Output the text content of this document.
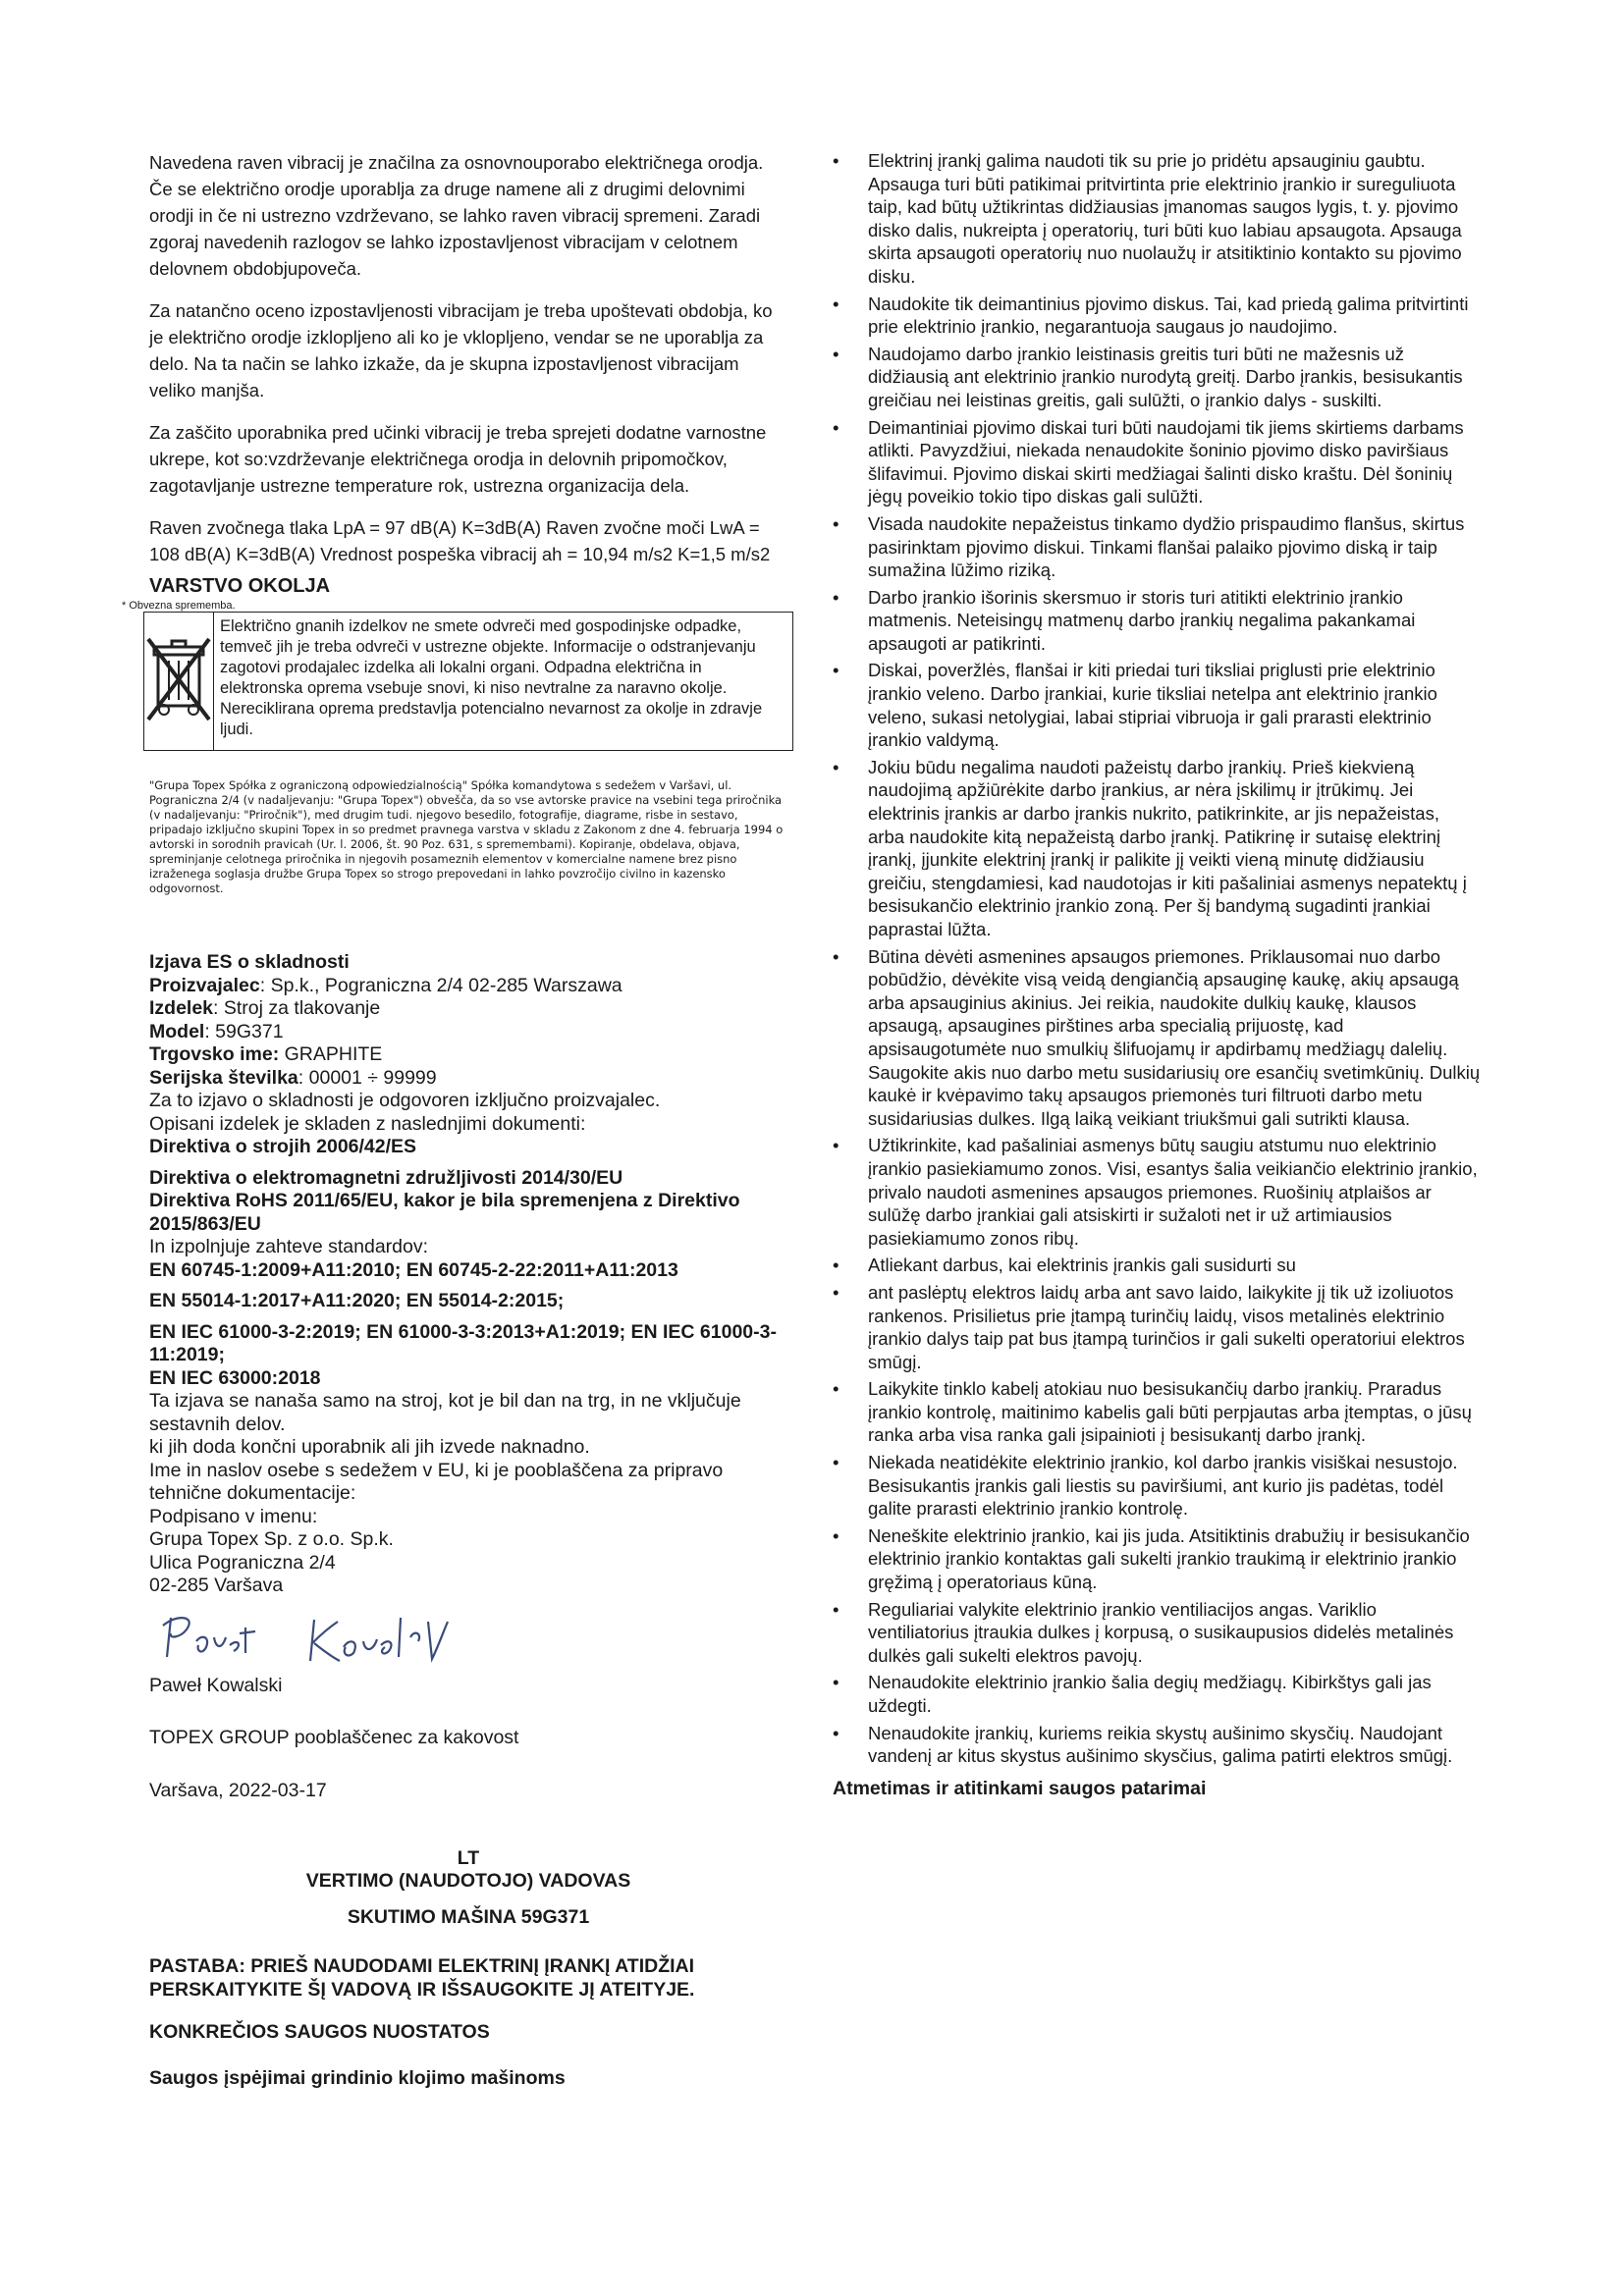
Navedena raven vibracij je značilna za osnovnouporabo električnega orodja. Če se električno orodje uporablja za druge namene ali z drugimi delovnimi orodji in če ni ustrezno vzdrževano, se lahko raven vibracij spremeni. Zaradi zgoraj navedenih razlogov se lahko izpostavljenost vibracijam v celotnem delovnem obdobjupoveča.

Za natančno oceno izpostavljenosti vibracijam je treba upoštevati obdobja, ko je električno orodje izklopljeno ali ko je vklopljeno, vendar se ne uporablja za delo. Na ta način se lahko izkaže, da je skupna izpostavljenost vibracijam veliko manjša.

Za zaščito uporabnika pred učinki vibracij je treba sprejeti dodatne varnostne ukrepe, kot so:vzdrževanje električnega orodja in delovnih pripomočkov, zagotavljanje ustrezne temperature rok, ustrezna organizacija dela.

Raven zvočnega tlaka LpA = 97 dB(A) K=3dB(A) Raven zvočne moči LwA = 108 dB(A) K=3dB(A) Vrednost pospeška vibracij ah = 10,94 m/s2 K=1,5 m/s2

VARSTVO OKOLJA

* Obvezna sprememba.

Električno gnanih izdelkov ne smete odvreči med gospodinjske odpadke, temveč jih je treba odvreči v ustrezne objekte. Informacije o odstranjevanju zagotovi prodajalec izdelka ali lokalni organi. Odpadna električna in elektronska oprema vsebuje snovi, ki niso nevtralne za naravno okolje. Nereciklirana oprema predstavlja potencialno nevarnost za okolje in zdravje ljudi.

"Grupa Topex Spółka z ograniczoną odpowiedzialnością" Spółka komandytowa s sedežem v Varšavi, ul. Pograniczna 2/4 (v nadaljevanju: "Grupa Topex") obvešča, da so vse avtorske pravice na vsebini tega priročnika (v nadaljevanju: "Priročnik"), med drugim tudi. njegovo besedilo, fotografije, diagrame, risbe in sestavo, pripadajo izključno skupini Topex in so predmet pravnega varstva v skladu z Zakonom z dne 4. februarja 1994 o avtorski in sorodnih pravicah (Ur. l. 2006, št. 90 Poz. 631, s spremembami). Kopiranje, obdelava, objava, spreminjanje celotnega priročnika in njegovih posameznih elementov v komercialne namene brez pisno izraženega soglasja družbe Grupa Topex so strogo prepovedani in lahko povzročijo civilno in kazensko odgovornost.

Izjava ES o skladnosti

Proizvajalec: Sp.k., Pograniczna 2/4 02-285 Warszawa

Izdelek: Stroj za tlakovanje

Model: 59G371

Trgovsko ime: GRAPHITE

Serijska številka: 00001 ÷ 99999

Za to izjavo o skladnosti je odgovoren izključno proizvajalec.

Opisani izdelek je skladen z naslednjimi dokumenti:

Direktiva o strojih 2006/42/ES

Direktiva o elektromagnetni združljivosti 2014/30/EU

Direktiva RoHS 2011/65/EU, kakor je bila spremenjena z Direktivo 2015/863/EU

In izpolnjuje zahteve standardov:

EN 60745-1:2009+A11:2010; EN 60745-2-22:2011+A11:2013

EN 55014-1:2017+A11:2020; EN 55014-2:2015;

EN IEC 61000-3-2:2019; EN 61000-3-3:2013+A1:2019; EN IEC 61000-3-11:2019;

EN IEC 63000:2018

Ta izjava se nanaša samo na stroj, kot je bil dan na trg, in ne vključuje sestavnih delov.

ki jih doda končni uporabnik ali jih izvede naknadno.

Ime in naslov osebe s sedežem v EU, ki je pooblaščena za pripravo tehnične dokumentacije:

Podpisano v imenu:

Grupa Topex Sp. z o.o. Sp.k.

Ulica Pograniczna 2/4

02-285 Varšava

Paweł Kowalski

TOPEX GROUP pooblaščenec za kakovost

Varšava, 2022-03-17

LT

VERTIMO (NAUDOTOJO) VADOVAS

SKUTIMO MAŠINA 59G371

PASTABA: PRIEŠ NAUDODAMI ELEKTRINĮ ĮRANKĮ ATIDŽIAI PERSKAITYKITE ŠĮ VADOVĄ IR IŠSAUGOKITE JĮ ATEITYJE.

KONKREČIOS SAUGOS NUOSTATOS

Saugos įspėjimai grindinio klojimo mašinoms

• Elektrinį įrankį galima naudoti tik su prie jo pridėtu apsauginiu gaubtu. Apsauga turi būti patikimai pritvirtinta prie elektrinio įrankio ir sureguliuota taip, kad būtų užtikrintas didžiausias įmanomas saugos lygis, t. y. pjovimo disko dalis, nukreipta į operatorių, turi būti kuo labiau apsaugota. Apsauga skirta apsaugoti operatorių nuo nuolaužų ir atsitiktinio kontakto su pjovimo disku.
• Naudokite tik deimantinius pjovimo diskus. Tai, kad priedą galima pritvirtinti prie elektrinio įrankio, negarantuoja saugaus jo naudojimo.
• Naudojamo darbo įrankio leistinasis greitis turi būti ne mažesnis už didžiausią ant elektrinio įrankio nurodytą greitį. Darbo įrankis, besisukantis greičiau nei leistinas greitis, gali sulūžti, o įrankio dalys - suskilti.
• Deimantiniai pjovimo diskai turi būti naudojami tik jiems skirtiems darbams atlikti. Pavyzdžiui, niekada nenaudokite šoninio pjovimo disko paviršiaus šlifavimui. Pjovimo diskai skirti medžiagai šalinti disko kraštu. Dėl šoninių jėgų poveikio tokio tipo diskas gali sulūžti.
• Visada naudokite nepažeistus tinkamo dydžio prispaudimo flanšus, skirtus pasirinktam pjovimo diskui. Tinkami flanšai palaiko pjovimo diską ir taip sumažina lūžimo riziką.
• Darbo įrankio išorinis skersmuo ir storis turi atitikti elektrinio įrankio matmenis. Neteisingų matmenų darbo įrankių negalima pakankamai apsaugoti ar patikrinti.
• Diskai, poveržlės, flanšai ir kiti priedai turi tiksliai priglusti prie elektrinio įrankio veleno. Darbo įrankiai, kurie tiksliai netelpa ant elektrinio įrankio veleno, sukasi netolygiai, labai stipriai vibruoja ir gali prarasti elektrinio įrankio valdymą.
• Jokiu būdu negalima naudoti pažeistų darbo įrankių. Prieš kiekvieną naudojimą apžiūrėkite darbo įrankius, ar nėra įskilimų ir įtrūkimų. Jei elektrinis įrankis ar darbo įrankis nukrito, patikrinkite, ar jis nepažeistas, arba naudokite kitą nepažeistą darbo įrankį. Patikrinę ir sutaisę elektrinį įrankį, įjunkite elektrinį įrankį ir palikite jį veikti vieną minutę didžiausiu greičiu, stengdamiesi, kad naudotojas ir kiti pašaliniai asmenys nepatektų į besisukančio elektrinio įrankio zoną. Per šį bandymą sugadinti įrankiai paprastai lūžta.
• Būtina dėvėti asmenines apsaugos priemones. Priklausomai nuo darbo pobūdžio, dėvėkite visą veidą dengiančią apsauginę kaukę, akių apsaugą arba apsauginius akinius. Jei reikia, naudokite dulkių kaukę, klausos apsaugą, apsaugines pirštines arba specialią prijuostę, kad apsisaugotumėte nuo smulkių šlifuojamų ir apdirbamų medžiagų dalelių. Saugokite akis nuo darbo metu susidariusių ore esančių svetimkūnių. Dulkių kaukė ir kvėpavimo takų apsaugos priemonės turi filtruoti darbo metu susidariusias dulkes. Ilgą laiką veikiant triukšmui gali sutrikti klausa.
• Užtikrinkite, kad pašaliniai asmenys būtų saugiu atstumu nuo elektrinio įrankio pasiekiamumo zonos. Visi, esantys šalia veikiančio elektrinio įrankio, privalo naudoti asmenines apsaugos priemones. Ruošinių atplaišos ar sulūžę darbo įrankiai gali atsiskirti ir sužaloti net ir už artimiausios pasiekiamumo zonos ribų.
• Atliekant darbus, kai elektrinis įrankis gali susidurti su
• ant paslėptų elektros laidų arba ant savo laido, laikykite jį tik už izoliuotos rankenos. Prisilietus prie įtampą turinčių laidų, visos metalinės elektrinio įrankio dalys taip pat bus įtampą turinčios ir gali sukelti operatoriui elektros smūgį.
• Laikykite tinklo kabelį atokiau nuo besisukančių darbo įrankių. Praradus įrankio kontrolę, maitinimo kabelis gali būti perpjautas arba įtemptas, o jūsų ranka arba visa ranka gali įsipainioti į besisukantį darbo įrankį.
• Niekada neatidėkite elektrinio įrankio, kol darbo įrankis visiškai nesustojo. Besisukantis įrankis gali liestis su paviršiumi, ant kurio jis padėtas, todėl galite prarasti elektrinio įrankio kontrolę.
• Neneškite elektrinio įrankio, kai jis juda. Atsitiktinis drabužių ir besisukančio elektrinio įrankio kontaktas gali sukelti įrankio traukimą ir elektrinio įrankio gręžimą į operatoriaus kūną.
• Reguliariai valykite elektrinio įrankio ventiliacijos angas. Variklio ventiliatorius įtraukia dulkes į korpusą, o susikaupusios didelės metalinės dulkės gali sukelti elektros pavojų.
• Nenaudokite elektrinio įrankio šalia degių medžiagų. Kibirkštys gali jas uždegti.
• Nenaudokite įrankių, kuriems reikia skystų aušinimo skysčių. Naudojant vandenį ar kitus skystus aušinimo skysčius, galima patirti elektros smūgį.

Atmetimas ir atitinkami saugos patarimai
